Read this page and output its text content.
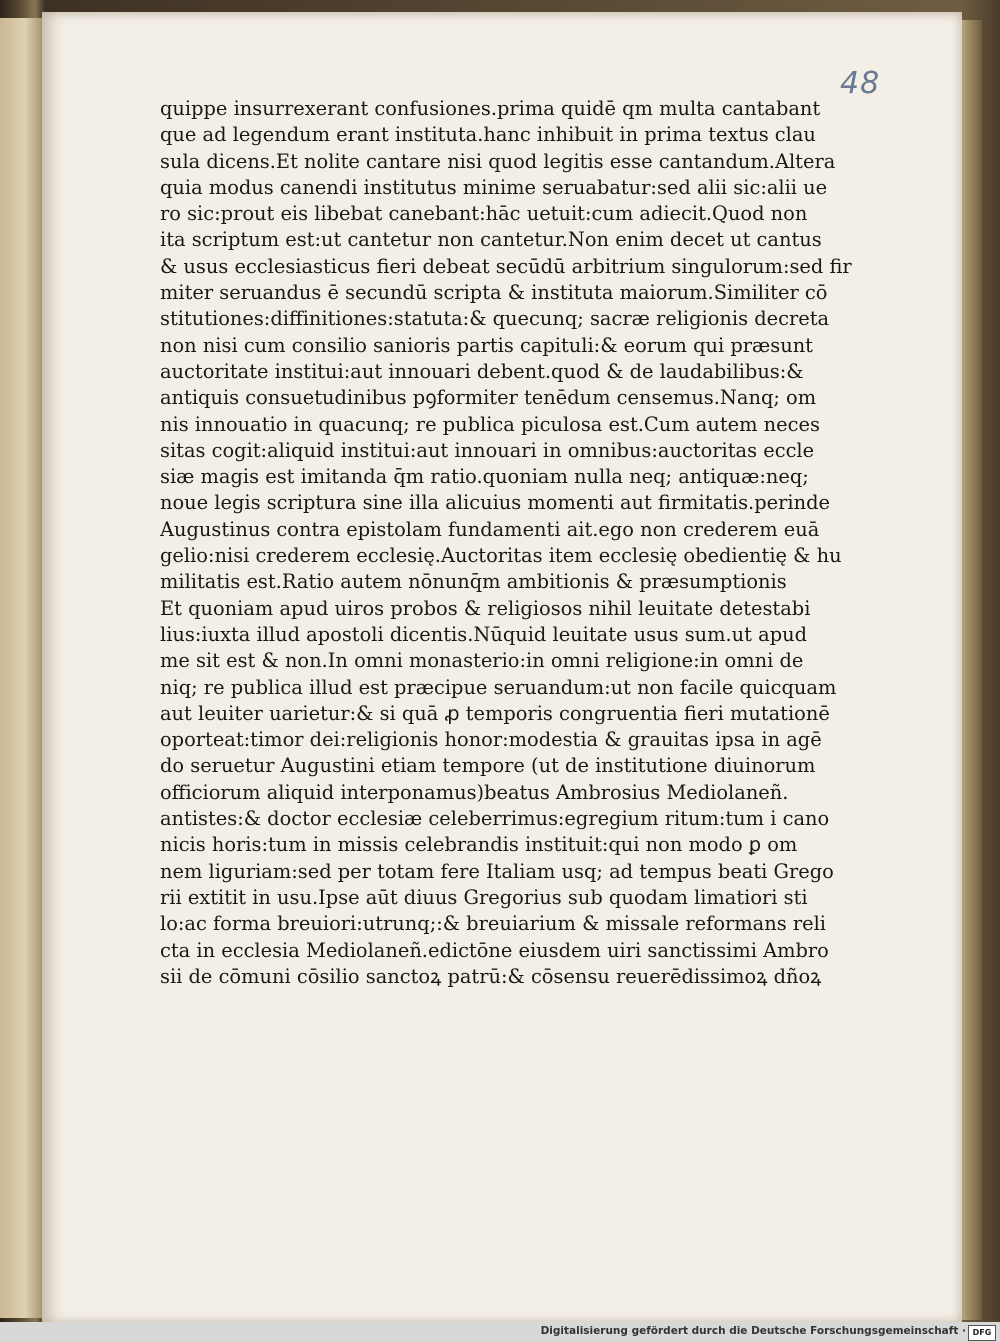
48
quippe insurrexerant confusiones.prima quidē qm multa cantabant
que ad legendum erant instituta.hanc inhibuit in prima textus clau
sula dicens.Et nolite cantare nisi quod legitis esse cantandum.Altera
quia modus canendi institutus minime seruabatur:sed alii sic:alii ue
ro sic:prout eis libebat canebant:hāc uetuit:cum adiecit.Quod non
ita scriptum est:ut cantetur non cantetur.Non enim decet ut cantus
& usus ecclesiasticus fieri debeat secūdū arbitrium singulorum:sed fir
miter seruandus ē secundū scripta & instituta maiorum.Similiter cō
stitutiones:diffinitiones:statuta:& quecunq; sacræ religionis decreta
non nisi cum consilio sanioris partis capituli:& eorum qui præsunt
auctoritate institui:aut innouari debent.quod & de laudabilibus:&
antiquis consuetudinibus pꝯformiter tenēdum censemus.Nanq; om
nis innouatio in quacunq; re publica piculosa est.Cum autem neces
sitas cogit:aliquid institui:aut innouari in omnibus:auctoritas eccle
siæ magis est imitanda q̄m ratio.quoniam nulla neq; antiquæ:neq;
noue legis scriptura sine illa alicuius momenti aut firmitatis.perinde
Augustinus contra epistolam fundamenti ait.ego non crederem euā
gelio:nisi crederem ecclesię.Auctoritas item ecclesię obedientię & hu
militatis est.Ratio autem nōnunq̄m ambitionis & præsumptionis
Et quoniam apud uiros probos & religiosos nihil leuitate detestabi
lius:iuxta illud apostoli dicentis.Nūquid leuitate usus sum.ut apud
me sit est & non.In omni monasterio:in omni religione:in omni de
niq; re publica illud est præcipue seruandum:ut non facile quicquam
aut leuiter uarietur:& si quā ꝓ temporis congruentia fieri mutationē
oporteat:timor dei:religionis honor:modestia & grauitas ipsa in agē
do seruetur Augustini etiam tempore (ut de institutione diuinorum
officiorum aliquid interponamus)beatus Ambrosius Mediolaneñ.
antistes:& doctor ecclesiæ celeberrimus:egregium ritum:tum i cano
nicis horis:tum in missis celebrandis instituit:qui non modo ꝑ om
nem liguriam:sed per totam fere Italiam usq; ad tempus beati Grego
rii extitit in usu.Ipse aūt diuus Gregorius sub quodam limatiori sti
lo:ac forma breuiori:utrunq;:& breuiarium & missale reformans reli
cta in ecclesia Mediolaneñ.edictōne eiusdem uiri sanctissimi Ambro
sii de cōmuni cōsilio sanctoꝝ patrū:& cōsensu reuerēdissimoꝝ dñoꝝ
Digitalisierung gefördert durch die Deutsche Forschungsgemeinschaft · DFG
